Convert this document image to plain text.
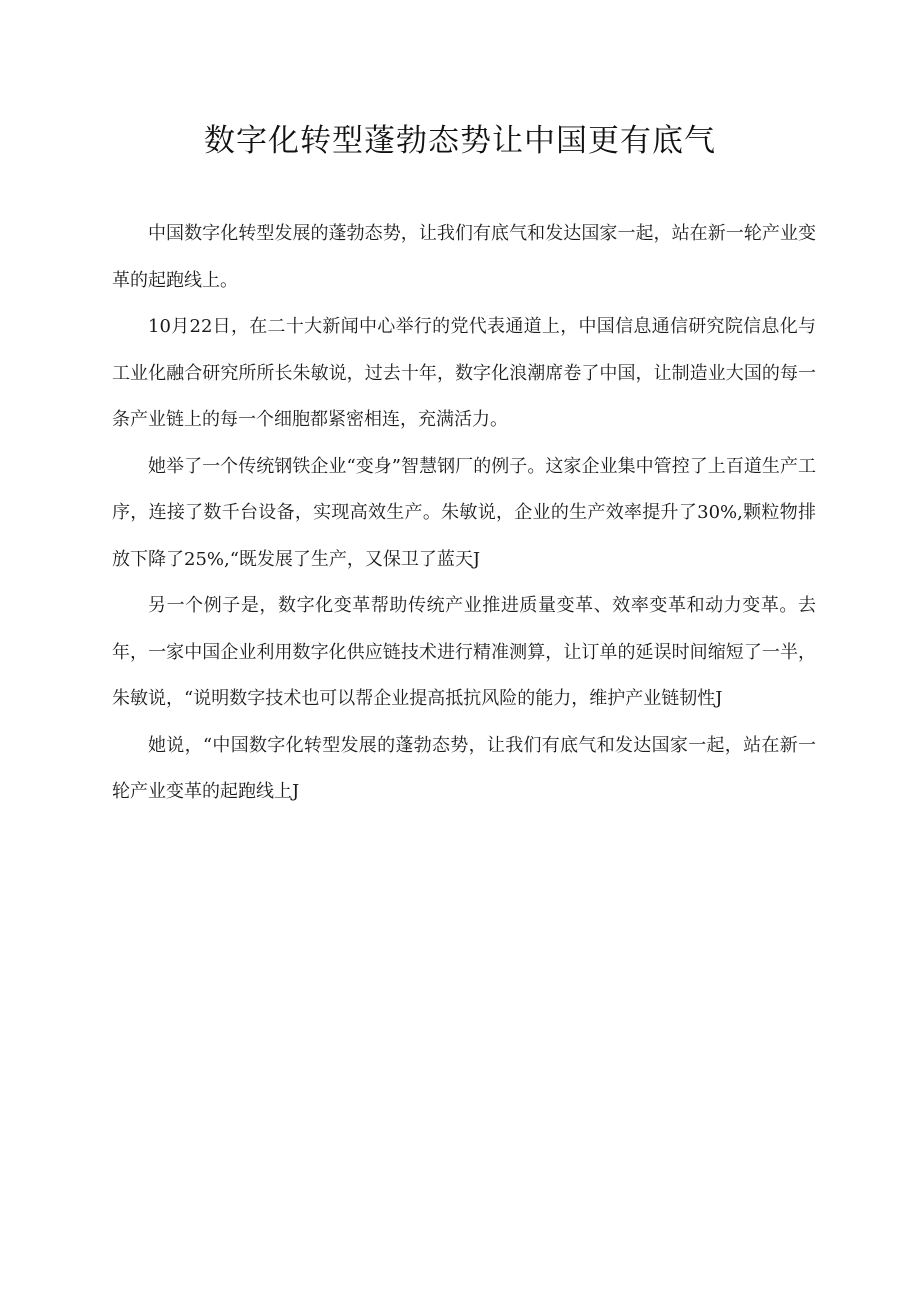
数字化转型蓬勃态势让中国更有底气

中国数字化转型发展的蓬勃态势，让我们有底气和发达国家一起，站在新一轮产业变革的起跑线上。

10月22日，在二十大新闻中心举行的党代表通道上，中国信息通信研究院信息化与工业化融合研究所所长朱敏说，过去十年，数字化浪潮席卷了中国，让制造业大国的每一条产业链上的每一个细胞都紧密相连，充满活力。

她举了一个传统钢铁企业“变身”智慧钢厂的例子。这家企业集中管控了上百道生产工序，连接了数千台设备，实现高效生产。朱敏说，企业的生产效率提升了30%,颗粒物排放下降了25%,“既发展了生产，又保卫了蓝天J

另一个例子是，数字化变革帮助传统产业推进质量变革、效率变革和动力变革。去年，一家中国企业利用数字化供应链技术进行精准测算，让订单的延误时间缩短了一半，朱敏说，“说明数字技术也可以帮企业提高抵抗风险的能力，维护产业链韧性J

她说，“中国数字化转型发展的蓬勃态势，让我们有底气和发达国家一起，站在新一轮产业变革的起跑线上J
